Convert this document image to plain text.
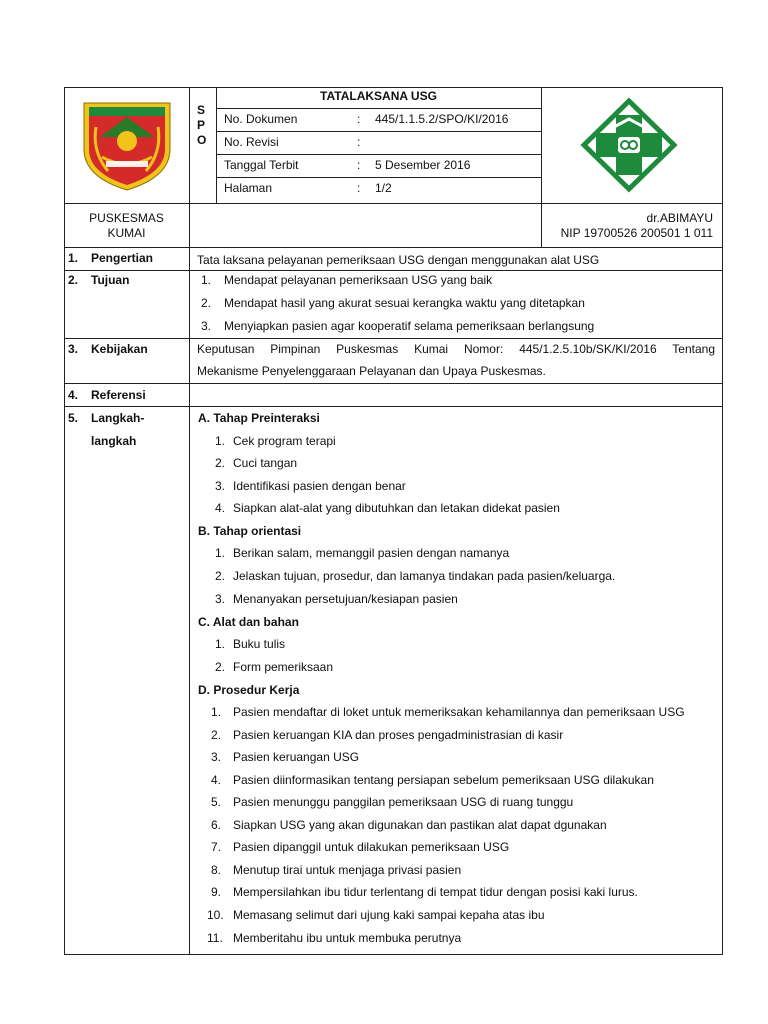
S
P
O
TATALAKSANA USG
No. Dokumen	: 445/1.1.5.2/SPO/KI/2016
No. Revisi	:
Tanggal Terbit	: 5 Desember 2016
Halaman	: 1/2
PUSKESMAS
KUMAI
dr.ABIMAYU
NIP 19700526 200501 1 011
1. Pengertian	Tata laksana pelayanan pemeriksaan USG dengan menggunakan alat USG
2. Tujuan	1. Mendapat pelayanan pemeriksaan USG yang baik
2. Mendapat hasil yang akurat sesuai kerangka waktu yang ditetapkan
3. Menyiapkan pasien agar kooperatif selama pemeriksaan berlangsung
3. Kebijakan	Keputusan Pimpinan Puskesmas Kumai Nomor: 445/1.2.5.10b/SK/KI/2016 Tentang
Mekanisme Penyelenggaraan Pelayanan dan Upaya Puskesmas.
4. Referensi
5. Langkah-
langkah
A. Tahap Preinteraksi
1. Cek program terapi
2. Cuci tangan
3. Identifikasi pasien dengan benar
4. Siapkan alat-alat yang dibutuhkan dan letakan didekat pasien
B. Tahap orientasi
1. Berikan salam, memanggil pasien dengan namanya
2. Jelaskan tujuan, prosedur, dan lamanya tindakan pada pasien/keluarga.
3. Menanyakan persetujuan/kesiapan pasien
C. Alat dan bahan
1. Buku tulis
2. Form pemeriksaan
D. Prosedur Kerja
1. Pasien mendaftar di loket untuk memeriksakan kehamilannya dan pemeriksaan USG
2. Pasien keruangan KIA dan proses pengadministrasian di kasir
3. Pasien keruangan USG
4. Pasien diinformasikan tentang persiapan sebelum pemeriksaan USG dilakukan
5. Pasien menunggu panggilan pemeriksaan USG di ruang tunggu
6. Siapkan USG yang akan digunakan dan pastikan alat dapat dgunakan
7. Pasien dipanggil untuk dilakukan pemeriksaan USG
8. Menutup tirai untuk menjaga privasi pasien
9. Mempersilahkan ibu tidur terlentang di tempat tidur dengan posisi kaki lurus.
10. Memasang selimut dari ujung kaki sampai kepaha atas ibu
11. Memberitahu ibu untuk membuka perutnya
